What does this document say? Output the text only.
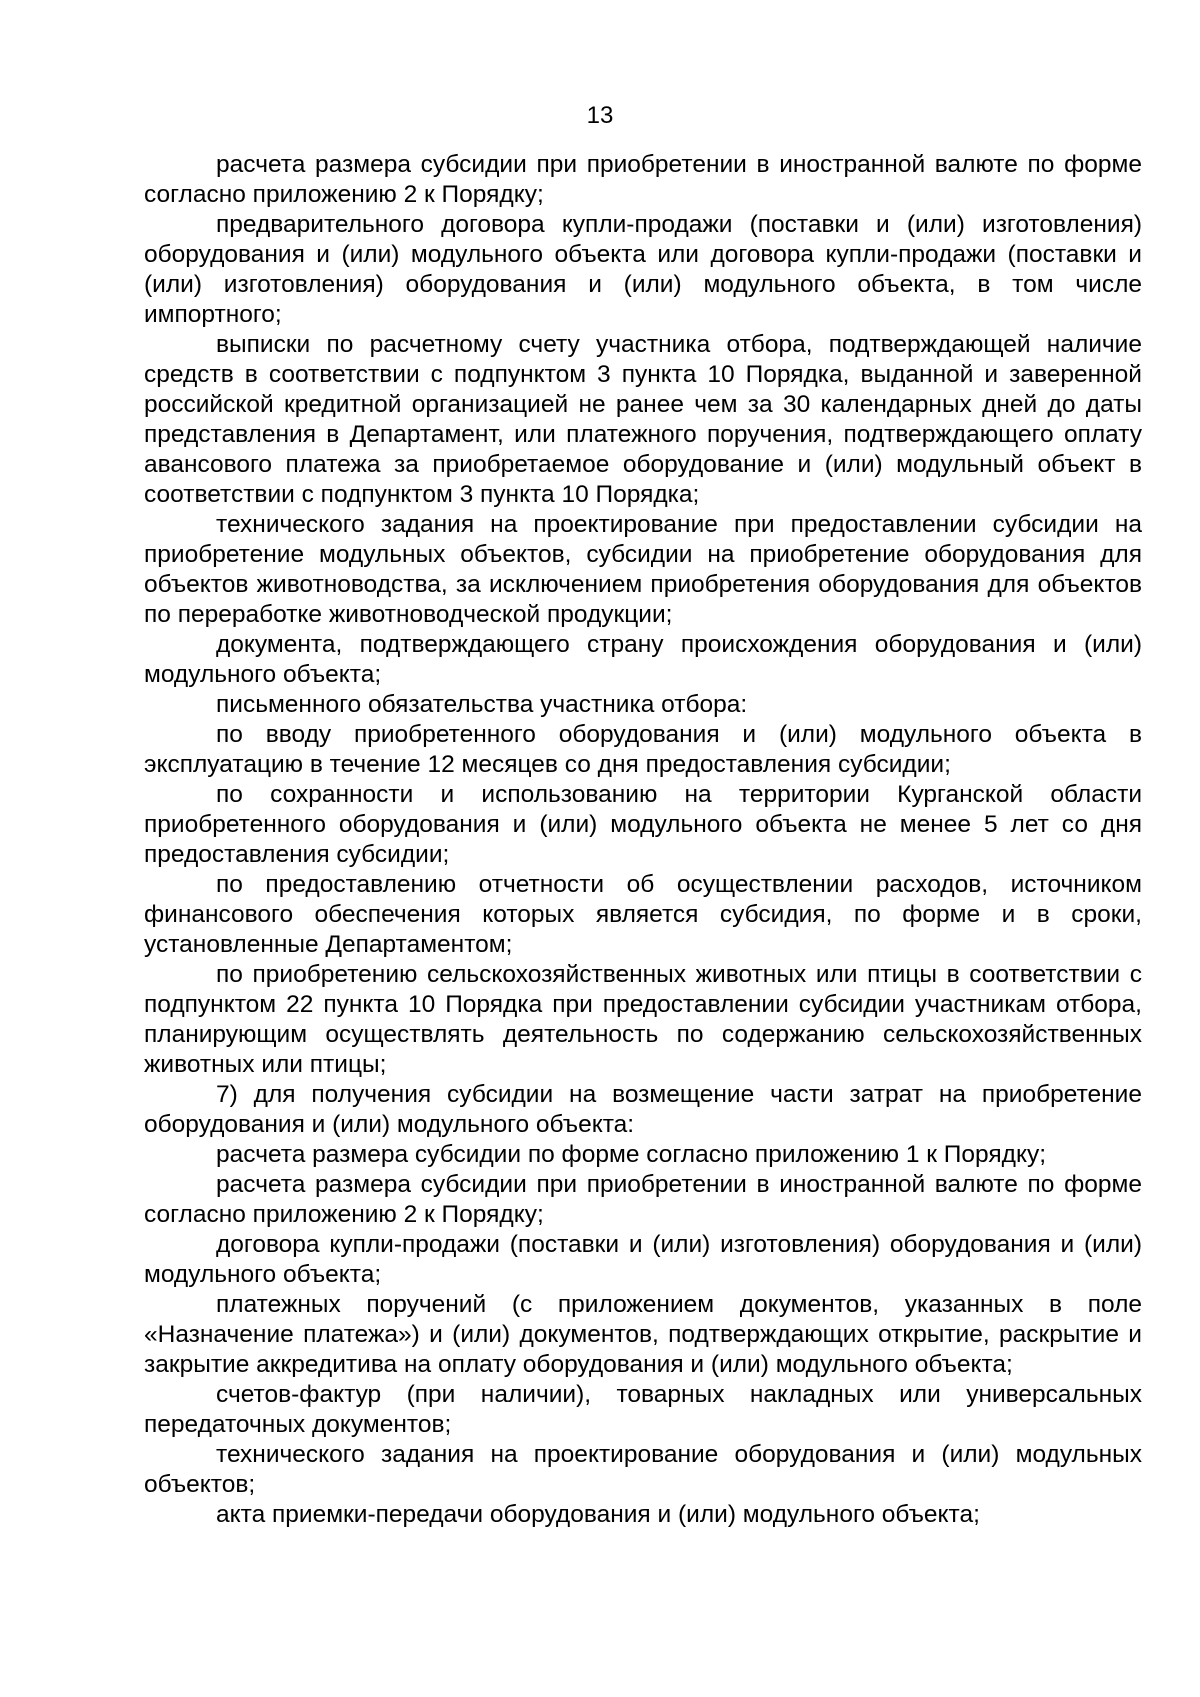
13

расчета размера субсидии при приобретении в иностранной валюте по форме согласно приложению 2 к Порядку;

предварительного договора купли-продажи (поставки и (или) изготовления) оборудования и (или) модульного объекта или договора купли-продажи (поставки и (или) изготовления) оборудования и (или) модульного объекта, в том числе импортного;

выписки по расчетному счету участника отбора, подтверждающей наличие средств в соответствии с подпунктом 3 пункта 10 Порядка, выданной и заверенной российской кредитной организацией не ранее чем за 30 календарных дней до даты представления в Департамент, или платежного поручения, подтверждающего оплату авансового платежа за приобретаемое оборудование и (или) модульный объект в соответствии с подпунктом 3 пункта 10 Порядка;

технического задания на проектирование при предоставлении субсидии на приобретение модульных объектов, субсидии на приобретение оборудования для объектов животноводства, за исключением приобретения оборудования для объектов по переработке животноводческой продукции;

документа, подтверждающего страну происхождения оборудования и (или) модульного объекта;

письменного обязательства участника отбора:

по вводу приобретенного оборудования и (или) модульного объекта в эксплуатацию в течение 12 месяцев со дня предоставления субсидии;

по сохранности и использованию на территории Курганской области приобретенного оборудования и (или) модульного объекта не менее 5 лет со дня предоставления субсидии;

по предоставлению отчетности об осуществлении расходов, источником финансового обеспечения которых является субсидия, по форме и в сроки, установленные Департаментом;

по приобретению сельскохозяйственных животных или птицы в соответствии с подпунктом 22 пункта 10 Порядка при предоставлении субсидии участникам отбора, планирующим осуществлять деятельность по содержанию сельскохозяйственных животных или птицы;

7) для получения субсидии на возмещение части затрат на приобретение оборудования и (или) модульного объекта:

расчета размера субсидии по форме согласно приложению 1 к Порядку;

расчета размера субсидии при приобретении в иностранной валюте по форме согласно приложению 2 к Порядку;

договора купли-продажи (поставки и (или) изготовления) оборудования и (или) модульного объекта;

платежных поручений (с приложением документов, указанных в поле «Назначение платежа») и (или) документов, подтверждающих открытие, раскрытие и закрытие аккредитива на оплату оборудования и (или) модульного объекта;

счетов-фактур (при наличии), товарных накладных или универсальных передаточных документов;

технического задания на проектирование оборудования и (или) модульных объектов;

акта приемки-передачи оборудования и (или) модульного объекта;
